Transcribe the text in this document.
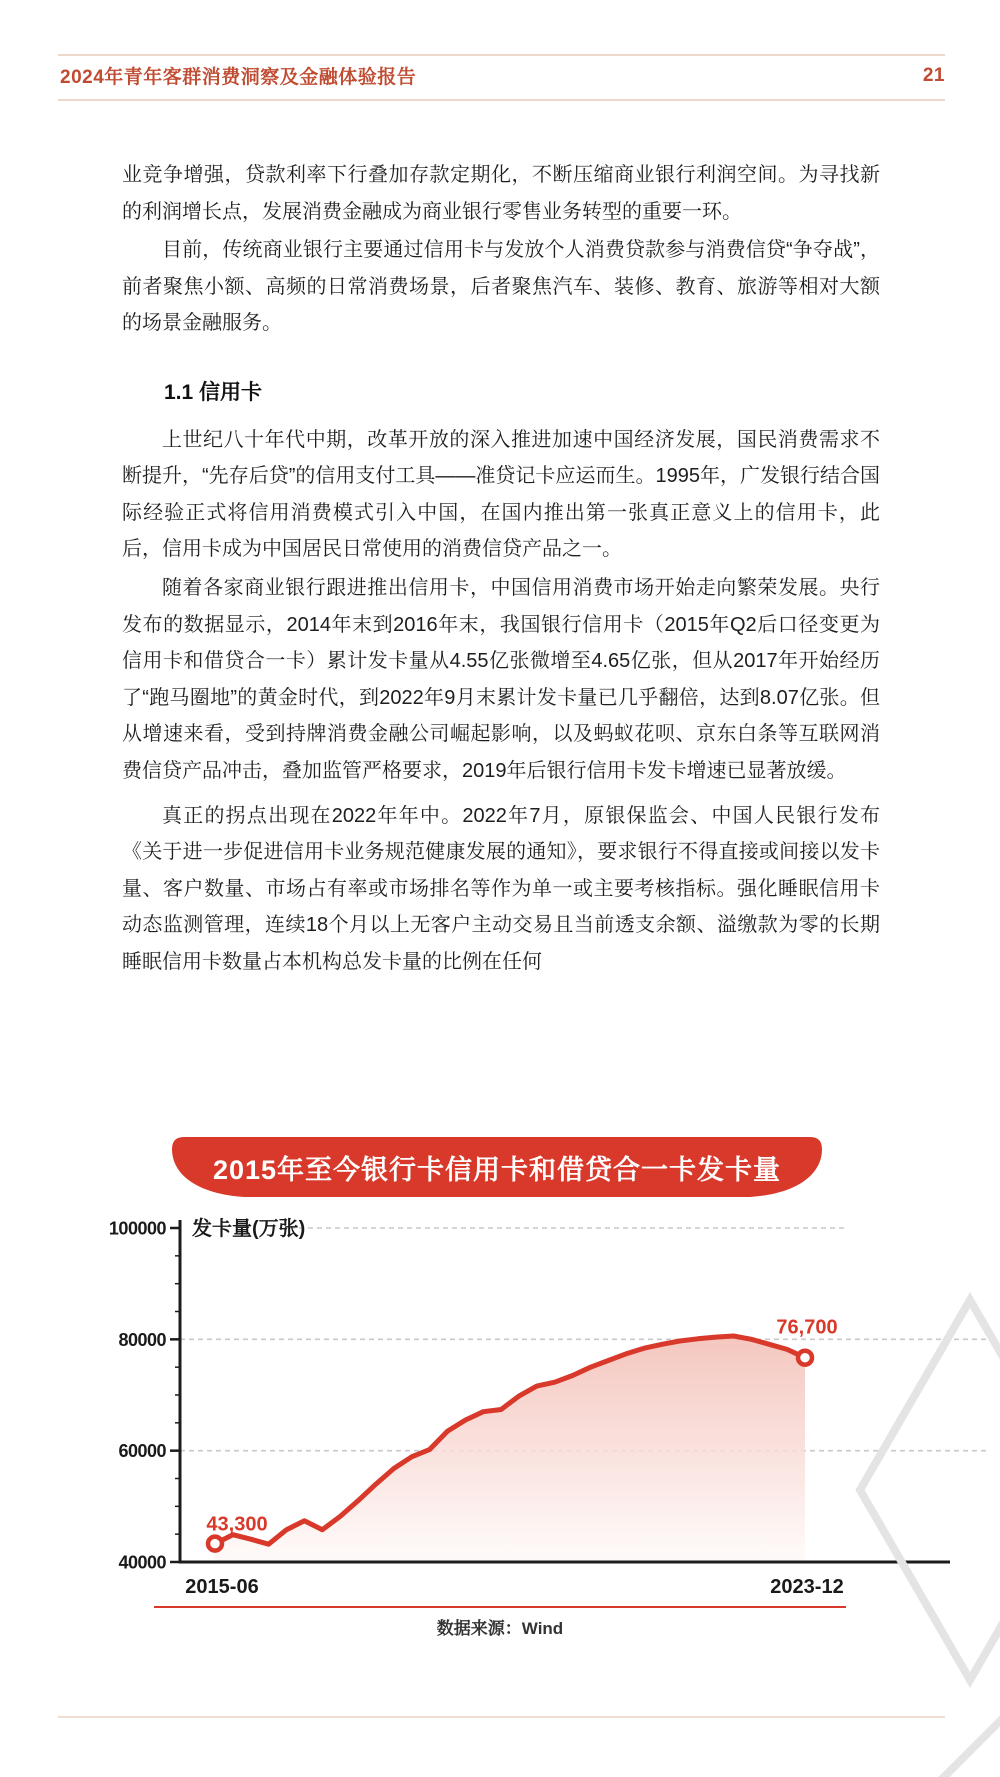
2024年青年客群消费洞察及金融体验报告	21

业竞争增强，贷款利率下行叠加存款定期化，不断压缩商业银行利润空间。为寻找新的利润增长点，发展消费金融成为商业银行零售业务转型的重要一环。

目前，传统商业银行主要通过信用卡与发放个人消费贷款参与消费信贷“争夺战”，前者聚焦小额、高频的日常消费场景，后者聚焦汽车、装修、教育、旅游等相对大额的场景金融服务。

1.1 信用卡

上世纪八十年代中期，改革开放的深入推进加速中国经济发展，国民消费需求不断提升，“先存后贷”的信用支付工具——准贷记卡应运而生。1995年，广发银行结合国际经验正式将信用消费模式引入中国，在国内推出第一张真正意义上的信用卡，此后，信用卡成为中国居民日常使用的消费信贷产品之一。

随着各家商业银行跟进推出信用卡，中国信用消费市场开始走向繁荣发展。央行发布的数据显示，2014年末到2016年末，我国银行信用卡（2015年Q2后口径变更为信用卡和借贷合一卡）累计发卡量从4.55亿张微增至4.65亿张，但从2017年开始经历了“跑马圈地”的黄金时代，到2022年9月末累计发卡量已几乎翻倍，达到8.07亿张。但从增速来看，受到持牌消费金融公司崛起影响，以及蚂蚁花呗、京东白条等互联网消费信贷产品冲击，叠加监管严格要求，2019年后银行信用卡发卡增速已显著放缓。

真正的拐点出现在2022年年中。2022年7月，原银保监会、中国人民银行发布《关于进一步促进信用卡业务规范健康发展的通知》，要求银行不得直接或间接以发卡量、客户数量、市场占有率或市场排名等作为单一或主要考核指标。强化睡眠信用卡动态监测管理，连续18个月以上无客户主动交易且当前透支余额、溢缴款为零的长期睡眠信用卡数量占本机构总发卡量的比例在任何

2015年至今银行卡信用卡和借贷合一卡发卡量
40000
60000
80000
100000 发卡量(万张)
2015-06	2023-12
43,300
76,700
数据来源：Wind
